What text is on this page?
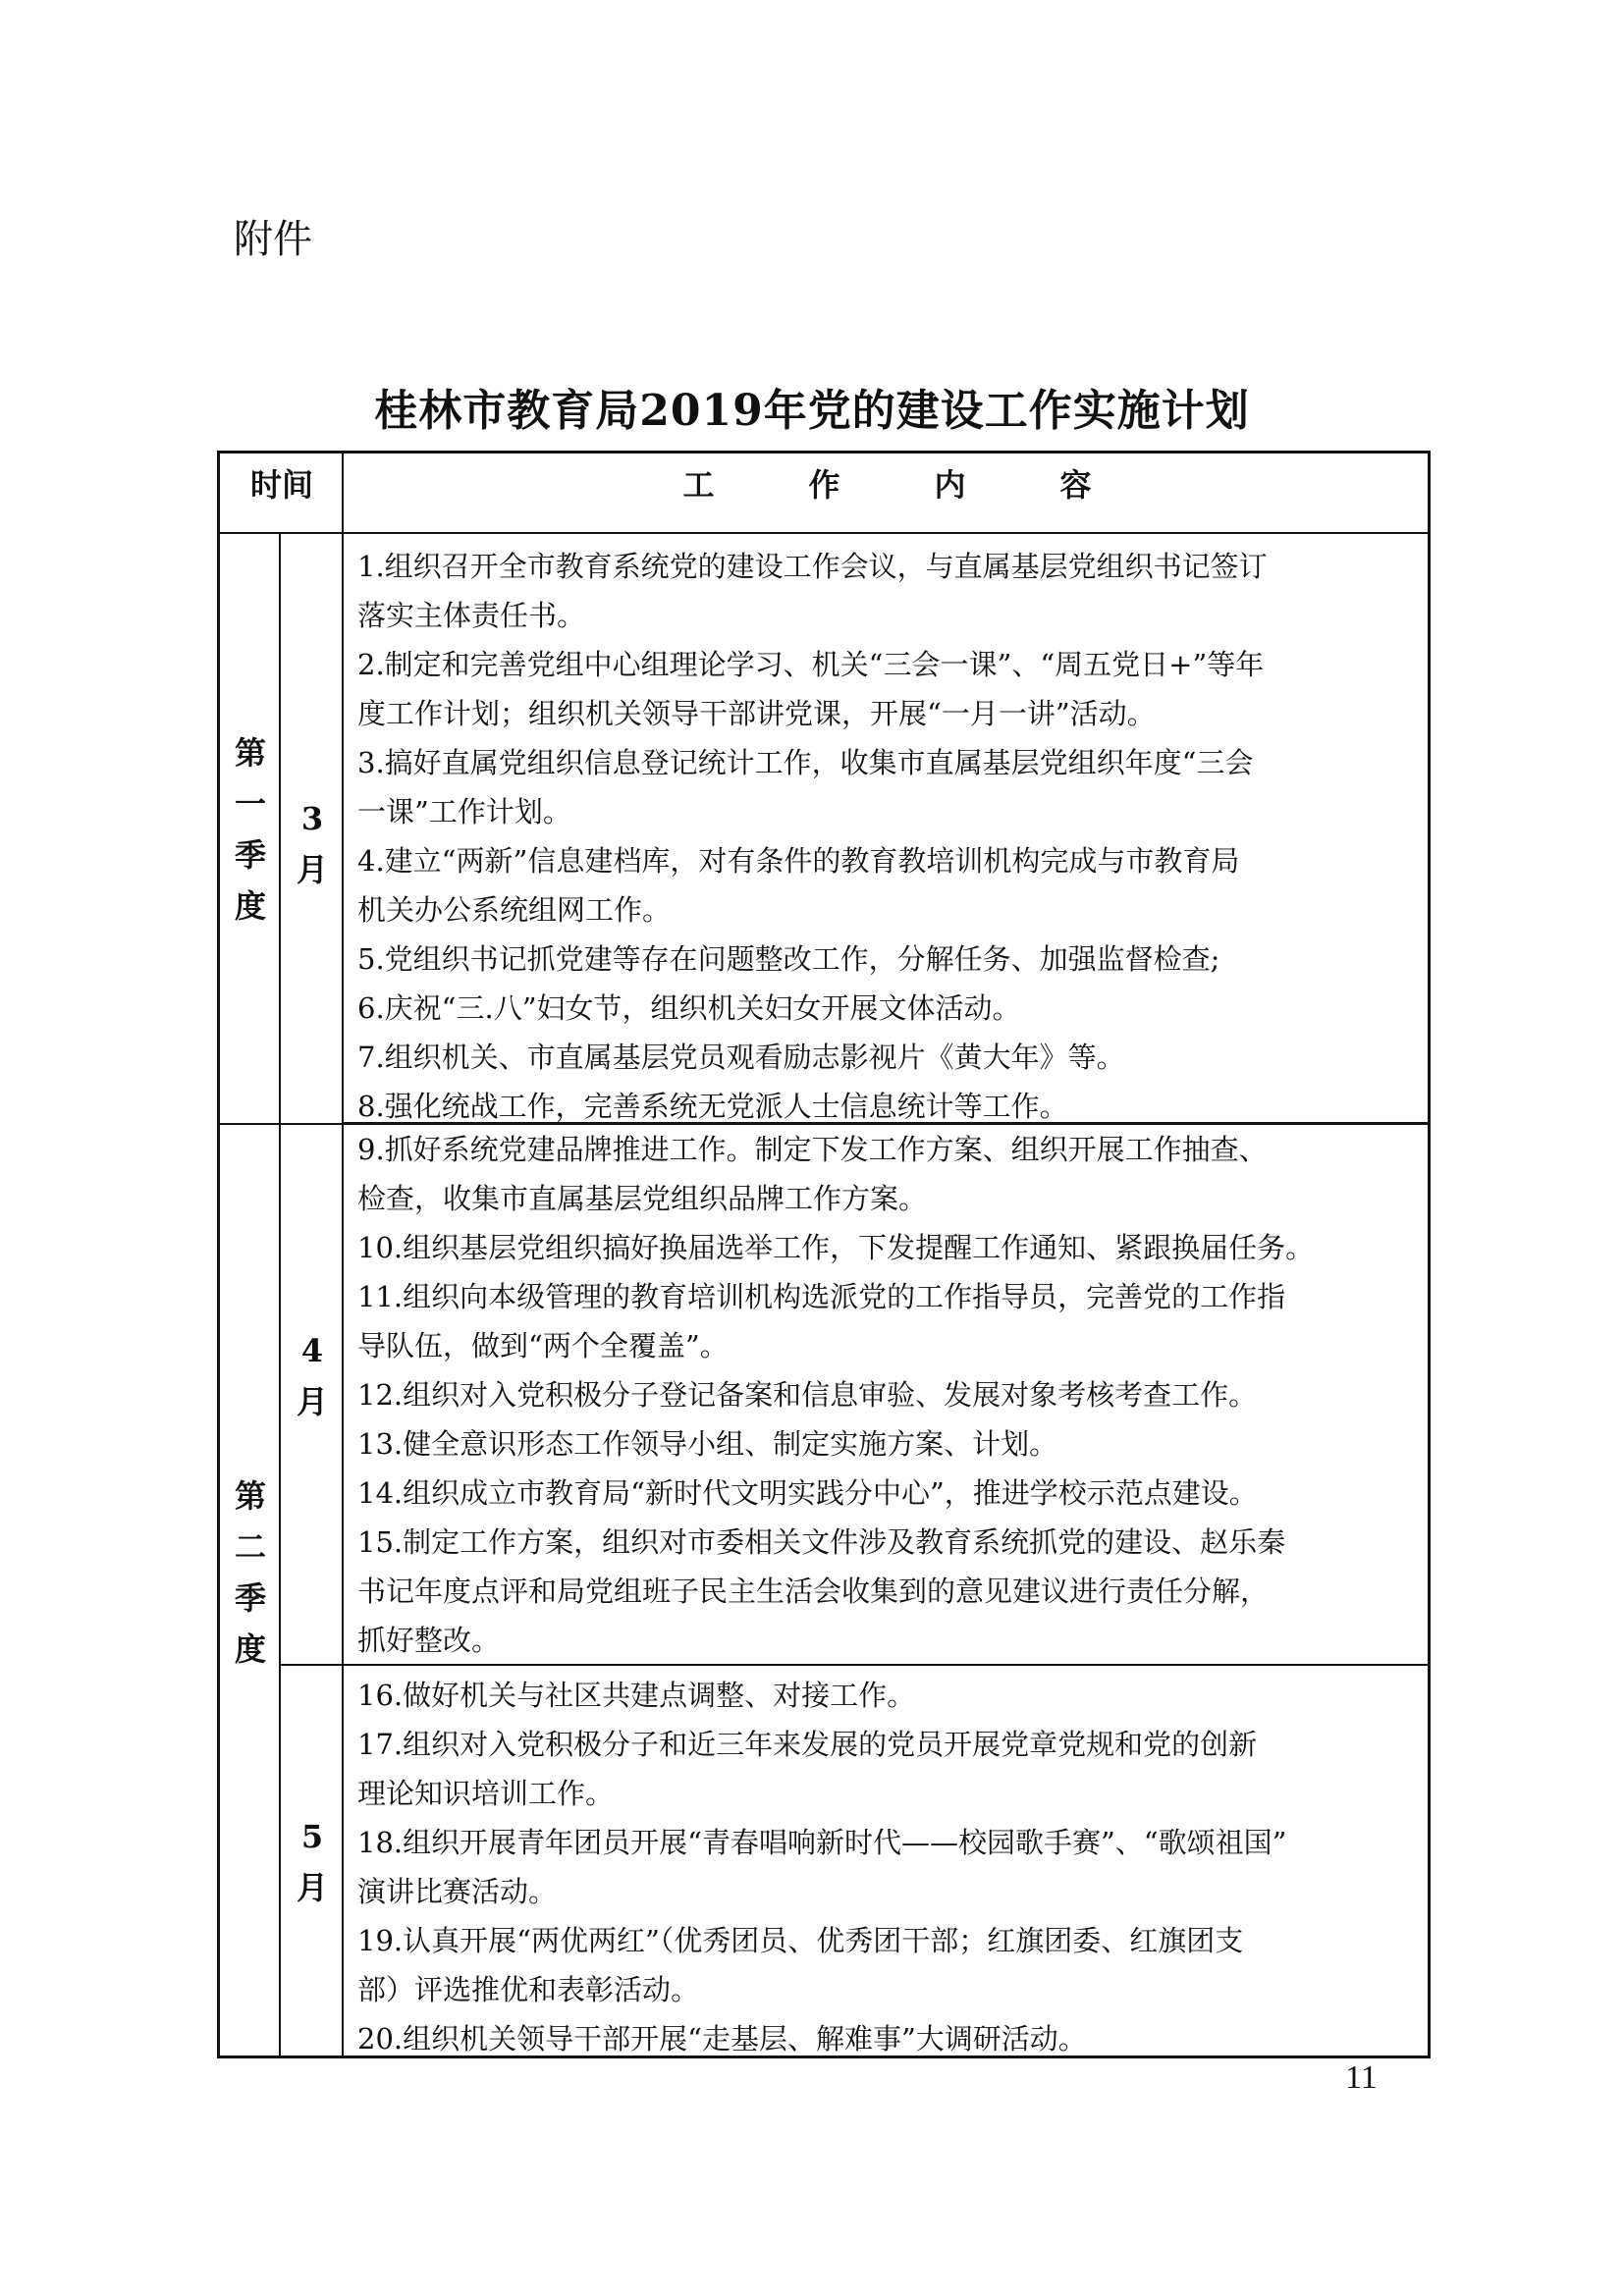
附件
桂林市教育局2019年党的建设工作实施计划
时间	工　　　作　　　内　　　容
第
一
季
度
3
月
1.组织召开全市教育系统党的建设工作会议，与直属基层党组织书记签订
落实主体责任书。
2.制定和完善党组中心组理论学习、机关“三会一课”、“周五党日+”等年
度工作计划；组织机关领导干部讲党课，开展“一月一讲”活动。
3.搞好直属党组织信息登记统计工作，收集市直属基层党组织年度“三会
一课”工作计划。
4.建立“两新”信息建档库，对有条件的教育教培训机构完成与市教育局
机关办公系统组网工作。
5.党组织书记抓党建等存在问题整改工作，分解任务、加强监督检查;
6.庆祝“三.八”妇女节，组织机关妇女开展文体活动。
7.组织机关、市直属基层党员观看励志影视片《黄大年》等。
8.强化统战工作，完善系统无党派人士信息统计等工作。
第
二
季
度
4
月
9.抓好系统党建品牌推进工作。制定下发工作方案、组织开展工作抽查、
检查，收集市直属基层党组织品牌工作方案。
10.组织基层党组织搞好换届选举工作，下发提醒工作通知、紧跟换届任务。
11.组织向本级管理的教育培训机构选派党的工作指导员，完善党的工作指
导队伍，做到“两个全覆盖”。
12.组织对入党积极分子登记备案和信息审验、发展对象考核考查工作。
13.健全意识形态工作领导小组、制定实施方案、计划。
14.组织成立市教育局“新时代文明实践分中心”，推进学校示范点建设。
15.制定工作方案，组织对市委相关文件涉及教育系统抓党的建设、赵乐秦
书记年度点评和局党组班子民主生活会收集到的意见建议进行责任分解，
抓好整改。
5
月
16.做好机关与社区共建点调整、对接工作。
17.组织对入党积极分子和近三年来发展的党员开展党章党规和党的创新
理论知识培训工作。
18.组织开展青年团员开展“青春唱响新时代——校园歌手赛”、“歌颂祖国”
演讲比赛活动。
19.认真开展“两优两红”（优秀团员、优秀团干部；红旗团委、红旗团支
部）评选推优和表彰活动。
20.组织机关领导干部开展“走基层、解难事”大调研活动。
11
